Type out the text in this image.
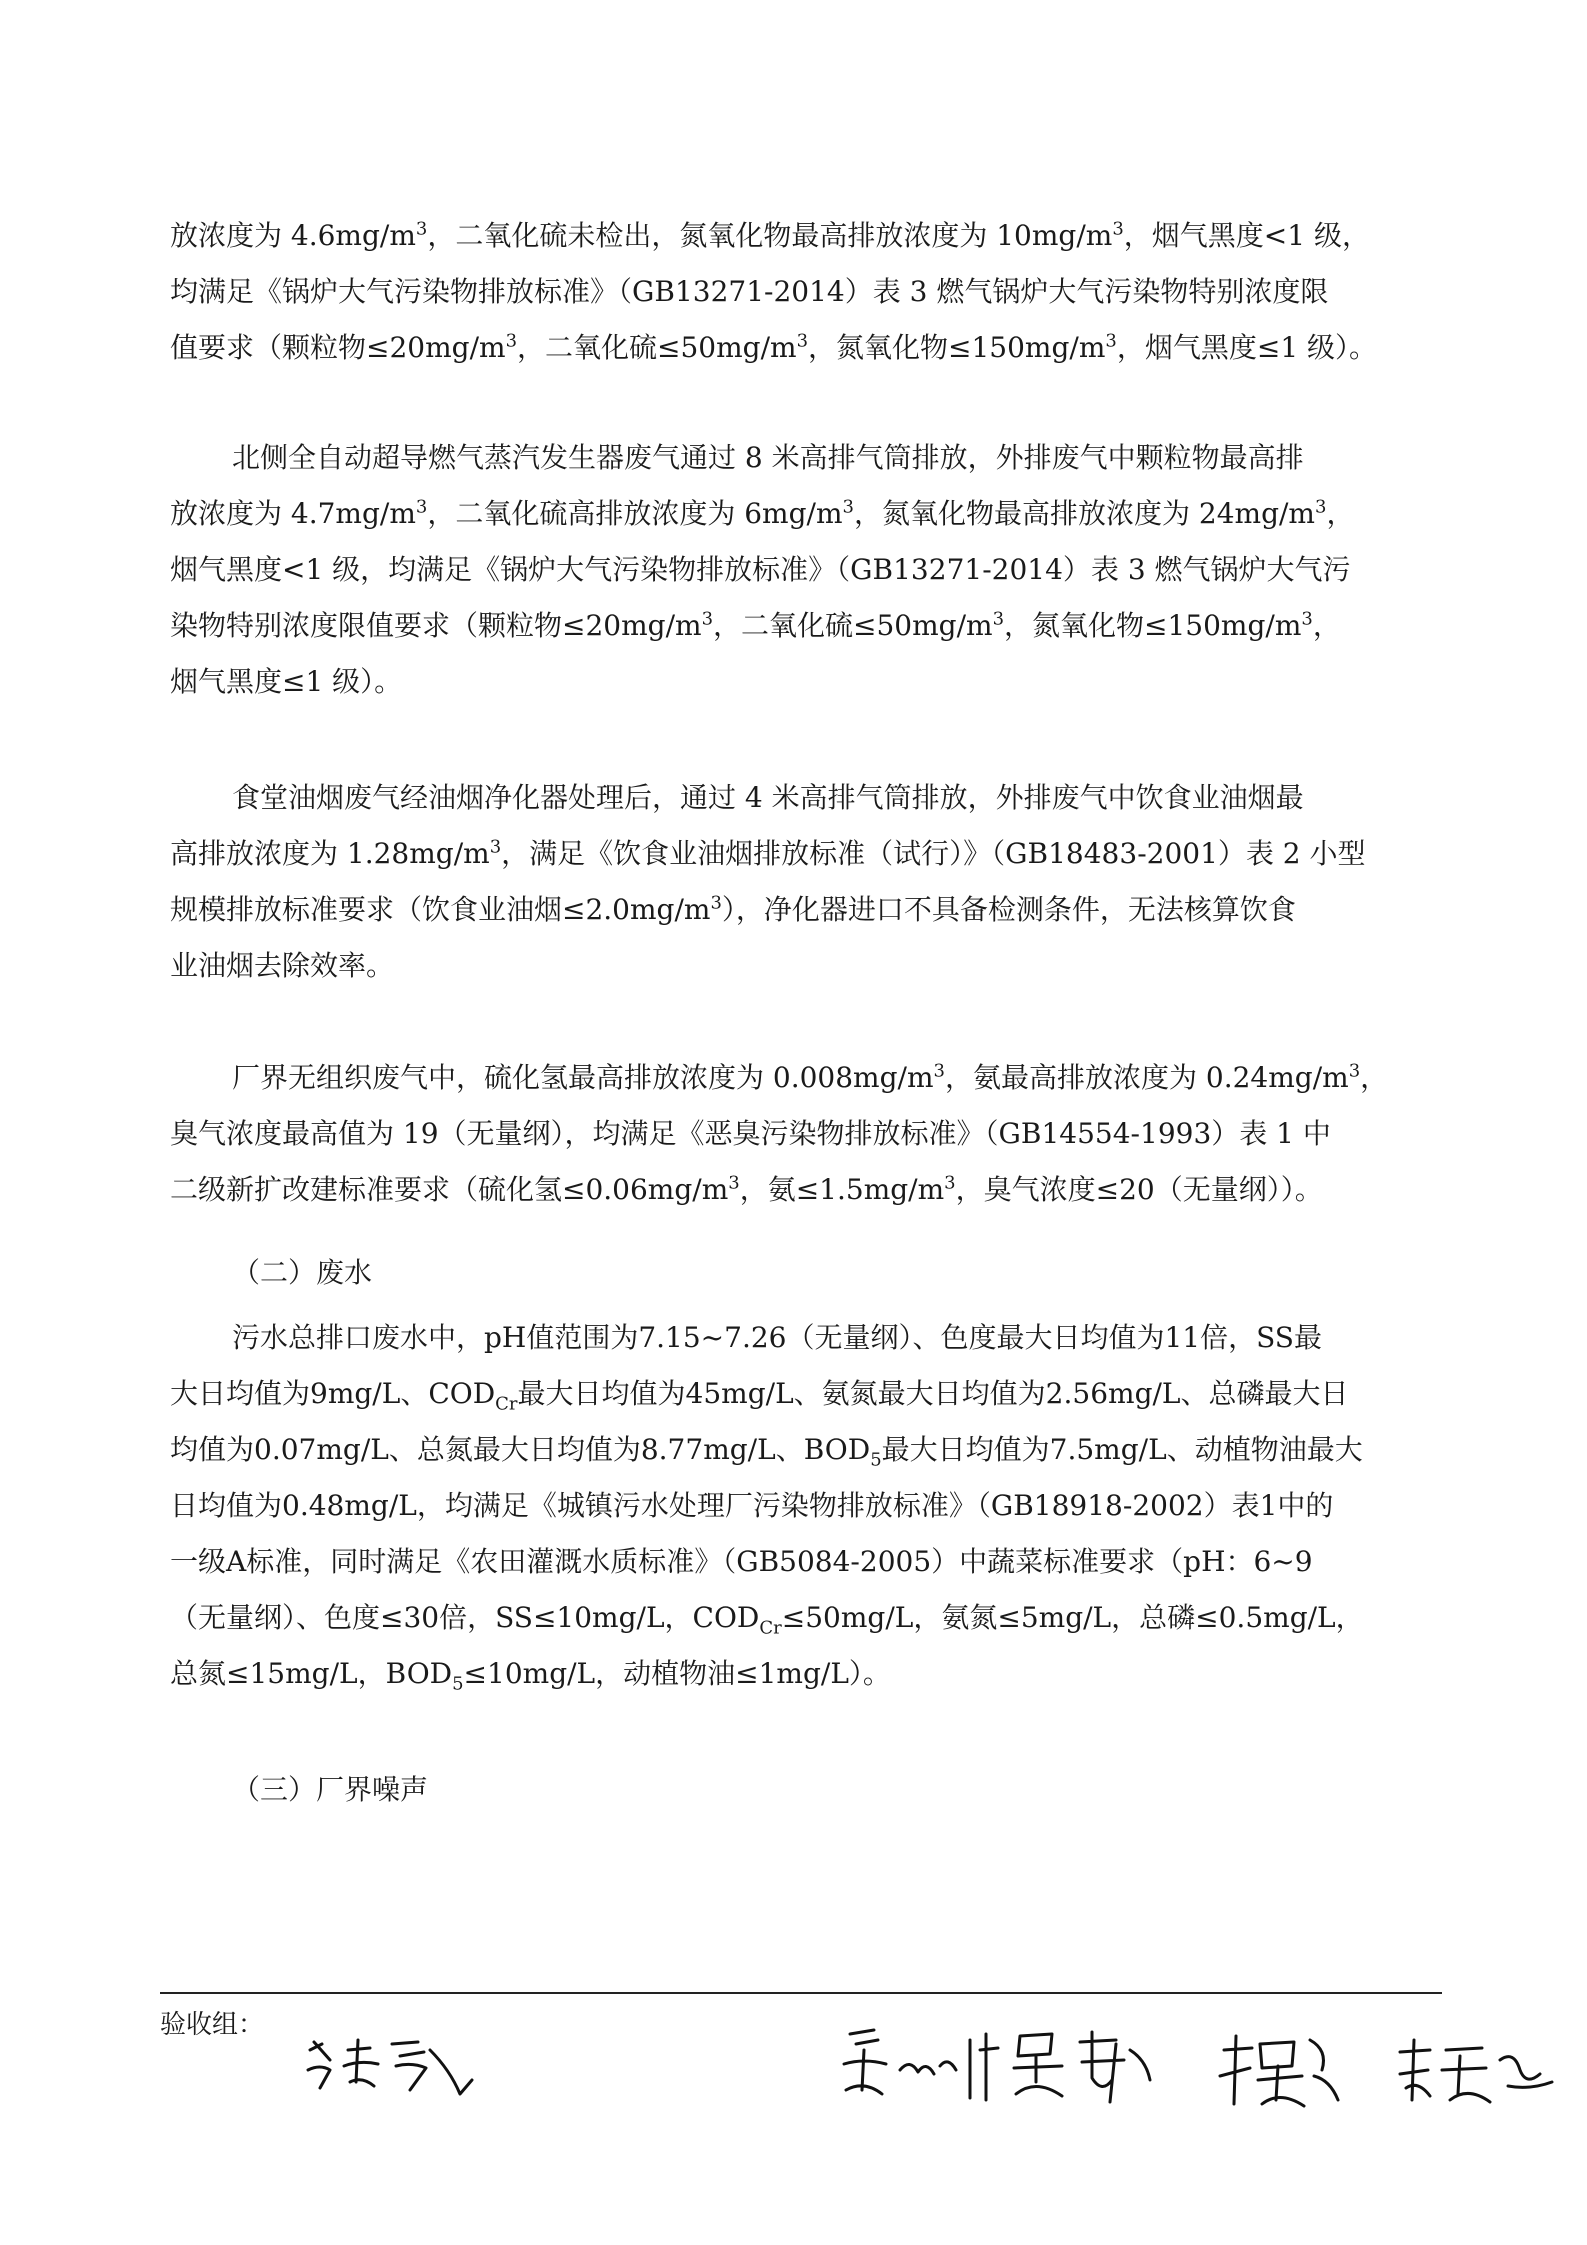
放浓度为 $4.6mg/m^3$，二氧化硫未检出，氮氧化物最高排放浓度为 $10mg/m^3$，烟气黑度<1 级，
均满足《锅炉大气污染物排放标准》（GB13271-2014）表 3 燃气锅炉大气污染物特别浓度限
值要求（颗粒物$\le 20mg/m^3$，二氧化硫$\le 50mg/m^3$，氮氧化物$\le 150mg/m^3$，烟气黑度≤1 级）。
北侧全自动超导燃气蒸汽发生器废气通过 8 米高排气筒排放，外排废气中颗粒物最高排
放浓度为 $4.7mg/m^3$，二氧化硫高排放浓度为 $6mg/m^3$，氮氧化物最高排放浓度为 $24mg/m^3$，
烟气黑度<1 级，均满足《锅炉大气污染物排放标准》（GB13271-2014）表 3 燃气锅炉大气污
染物特别浓度限值要求（颗粒物$\le 20mg/m^3$，二氧化硫$\le 50mg/m^3$，氮氧化物$\le 150mg/m^3$，
烟气黑度≤1 级）。
食堂油烟废气经油烟净化器处理后，通过 4 米高排气筒排放，外排废气中饮食业油烟最
高排放浓度为 $1.28mg/m^3$，满足《饮食业油烟排放标准（试行）》（GB18483-2001）表 2 小型
规模排放标准要求（饮食业油烟$\le 2.0mg/m^3$），净化器进口不具备检测条件，无法核算饮食
业油烟去除效率。
厂界无组织废气中，硫化氢最高排放浓度为 $0.008mg/m^3$，氨最高排放浓度为 $0.24mg/m^3$，
臭气浓度最高值为 19（无量纲），均满足《恶臭污染物排放标准》（GB14554-1993）表 1 中
二级新扩改建标准要求（硫化氢$\le 0.06mg/m^3$，氨$\le 1.5mg/m^3$，臭气浓度≤20（无量纲））。
（二）废水
污水总排口废水中，pH值范围为7.15~7.26（无量纲）、色度最大日均值为11倍，SS最
大日均值为9mg/L、$COD_{Cr}$最大日均值为45mg/L、氨氮最大日均值为2.56mg/L、总磷最大日
均值为0.07mg/L、总氮最大日均值为8.77mg/L、$BOD_5$最大日均值为7.5mg/L、动植物油最大
日均值为0.48mg/L，均满足《城镇污水处理厂污染物排放标准》（GB18918-2002）表1中的
一级A标准，同时满足《农田灌溉水质标准》（GB5084-2005）中蔬菜标准要求（pH：6~9
（无量纲）、色度≤30倍，SS≤10mg/L，$COD_{Cr}\le 50mg/L$，氨氮≤5mg/L，总磷≤0.5mg/L，
总氮≤15mg/L，$BOD_5\le 10mg/L$，动植物油≤1mg/L）。
（三）厂界噪声
验收组：
